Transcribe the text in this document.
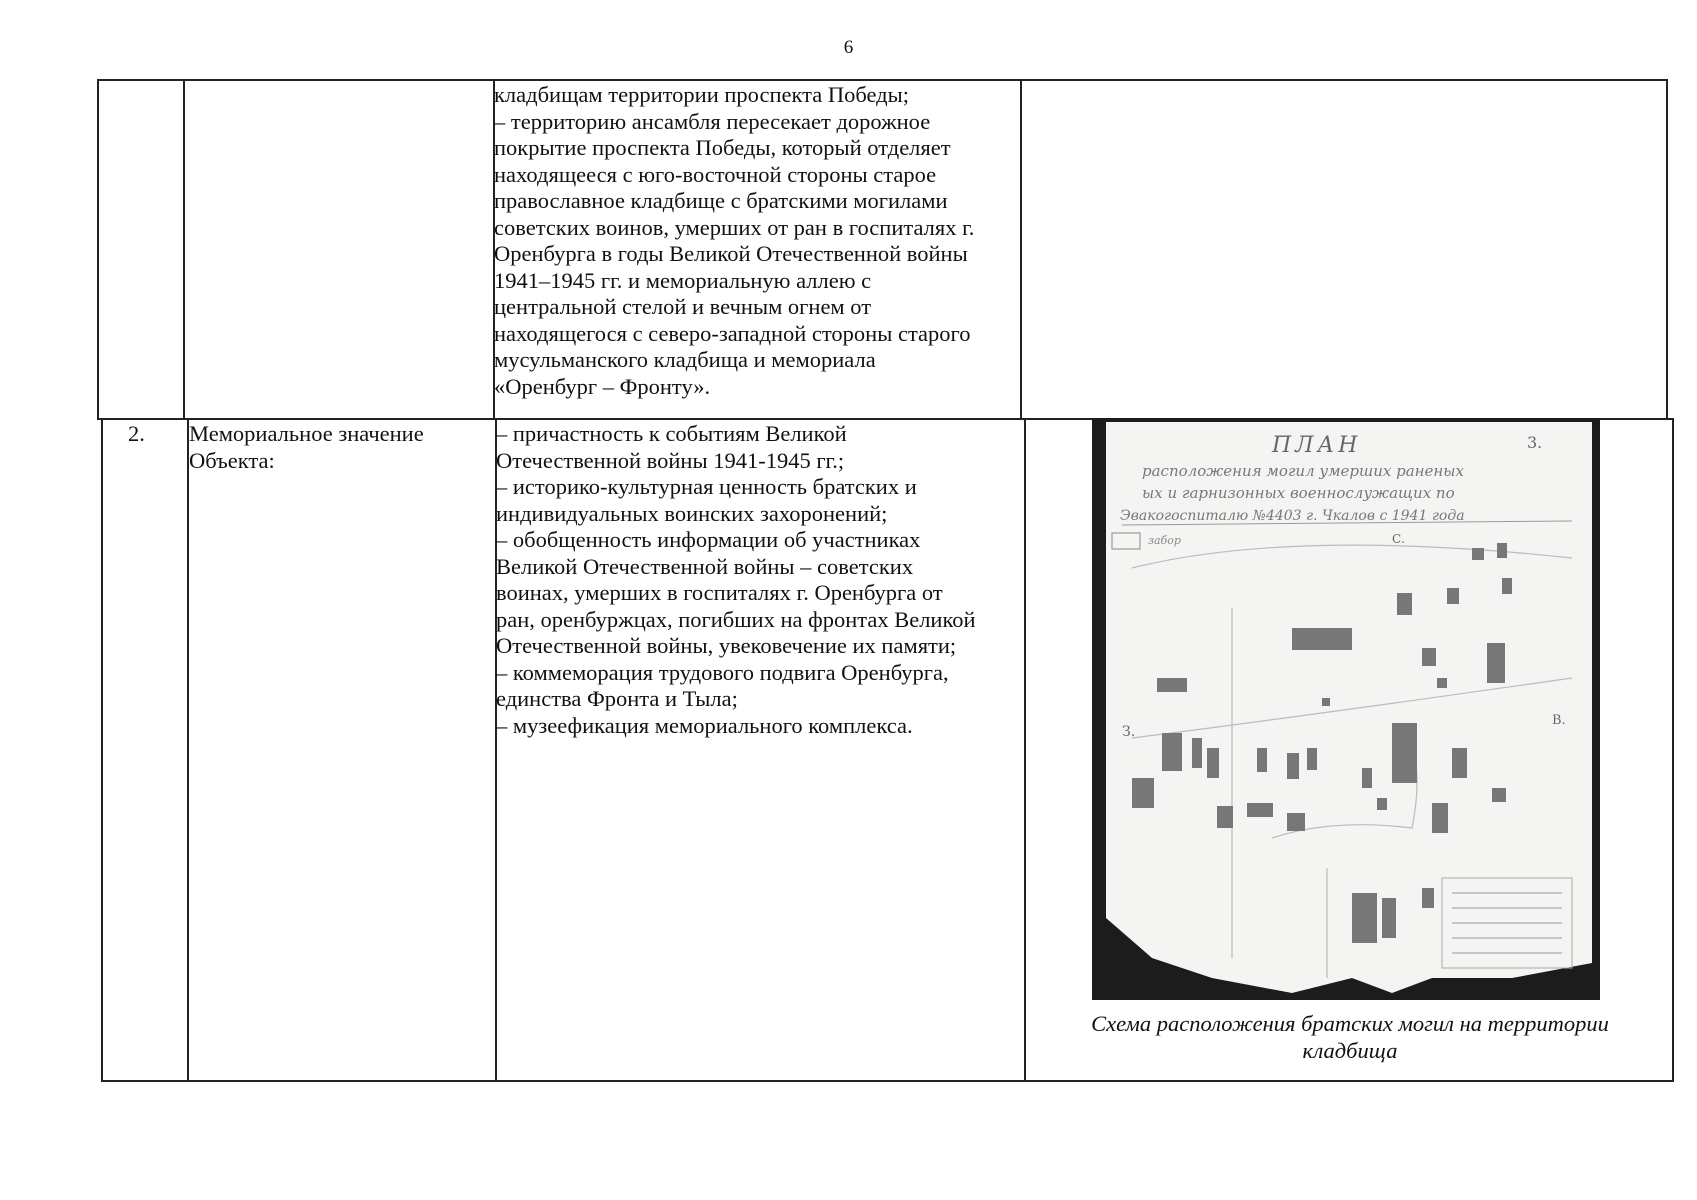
6

кладбищам территории проспекта Победы;

– территорию ансамбля пересекает дорожное

покрытие проспекта Победы, который отделяет

находящееся с юго-восточной стороны старое

православное кладбище с братскими могилами

советских воинов, умерших от ран в госпиталях г.

Оренбурга в годы Великой Отечественной войны

1941–1945 гг. и мемориальную аллею с

центральной стелой и вечным огнем от

находящегося с северо-западной стороны старого

мусульманского кладбища и мемориала

«Оренбург – Фронту».

2. Мемориальное значение
Объекта:

– причастность к событиям Великой

Отечественной войны 1941-1945 гг.;

– историко-культурная ценность братских и

индивидуальных воинских захоронений;

– обобщенность информации об участниках

Великой Отечественной войны – советских

воинах, умерших в госпиталях г. Оренбурга от

ран, оренбуржцах, погибших на фронтах Великой

Отечественной войны, увековечение их памяти;

– коммеморация трудового подвига Оренбурга,

единства Фронта и Тыла;

– музеефикация мемориального комплекса.

ПЛАН	3.
расположения могил умерших раненых
ых и гарнизонных военнослужащих по
Эвакогоспиталю №4403 г. Чкалов с 1941 года
забор	С.
З.
В.
Схема расположения братских могил на территории
кладбища
